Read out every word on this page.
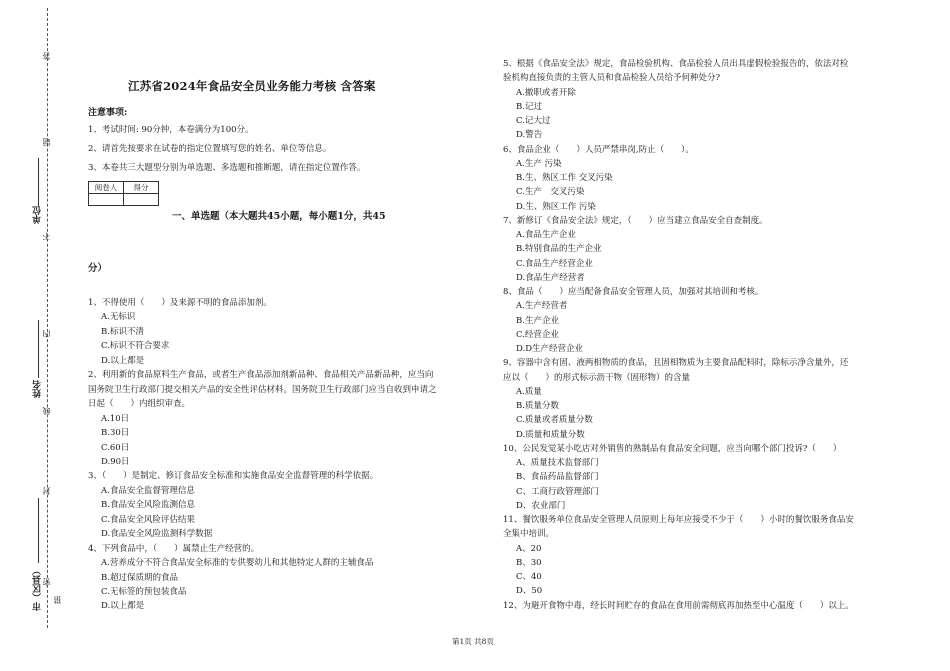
答
题
不
内
线
封
密
单位
姓名
市（区县） 猎
江苏省2024年食品安全员业务能力考核 含答案
注意事项:
1、考试时间: 90分钟，本卷满分为100分。
2、请首先按要求在试卷的指定位置填写您的姓名、单位等信息。
3、本卷共三大题型分别为单选题、多选题和推断题，请在指定位置作答。
阅卷人	得分

一、单选题（本大题共45小题，每小题1分，共45
分）
1、不得使用（　　）及来源不明的食品添加剂。
A.无标识
B.标识不清
C.标识不符合要求
D.以上都是
2、利用新的食品原料生产食品，或者生产食品添加剂新品种、食品相关产品新品种，应当向
国务院卫生行政部门提交相关产品的安全性评估材料。国务院卫生行政部门应当自收到申请之
日起（　　）内组织审查。
A.10日
B.30日
C.60日
D.90日
3、（　　）是制定、修订食品安全标准和实施食品安全监督管理的科学依据。
A.食品安全监督管理信息
B.食品安全风险监测信息
C.食品安全风险评估结果
D.食品安全风险监测科学数据
4、下列食品中，（　　）属禁止生产经营的。
A.营养成分不符合食品安全标准的专供婴幼儿和其他特定人群的主辅食品
B.超过保质期的食品
C.无标签的预包装食品
D.以上都是
5、根据《食品安全法》规定，食品检验机构、食品检验人员出具虚假检验报告的，依法对检
验机构直接负责的主管人员和食品检验人员给予何种处分?
A.撤职或者开除
B.记过
C.记大过
D.警告
6、食品企业（　　）人员严禁串岗,防止（　　）。
A.生产 污染
B.生、熟区工作 交叉污染
C.生产　交叉污染
D.生、熟区工作 污染
7、新修订《食品安全法》规定，（　　）应当建立食品安全自查制度。
A.食品生产企业
B.特别食品的生产企业
C.食品生产经营企业
D.食品生产经营者
8、食品（　　）应当配备食品安全管理人员，加强对其培训和考核。
A.生产经营者
B.生产企业
C.经营企业
D.D生产经营企业
9、容器中含有固、液两相物质的食品，且固相物质为主要食品配料时，除标示净含量外，还
应以（　　）的形式标示沥干物（固形物）的含量
A.质量
B.质量分数
C.质量或者质量分数
D.质量和质量分数
10、公民发觉某小吃店对外销售的熟制品有食品安全问题，应当向哪个部门投诉?（　　）
A、质量技术监督部门
B、食品药品监督部门
C、工商行政管理部门
D、农业部门
11、餐饮服务单位食品安全管理人员原则上每年应接受不少于（　　）小时的餐饮服务食品安
全集中培训。
A、20
B、30
C、40
D、50
12、为避开食物中毒，经长时间贮存的食品在食用前需彻底再加热至中心温度（　　）以上。
第1页 共8页
